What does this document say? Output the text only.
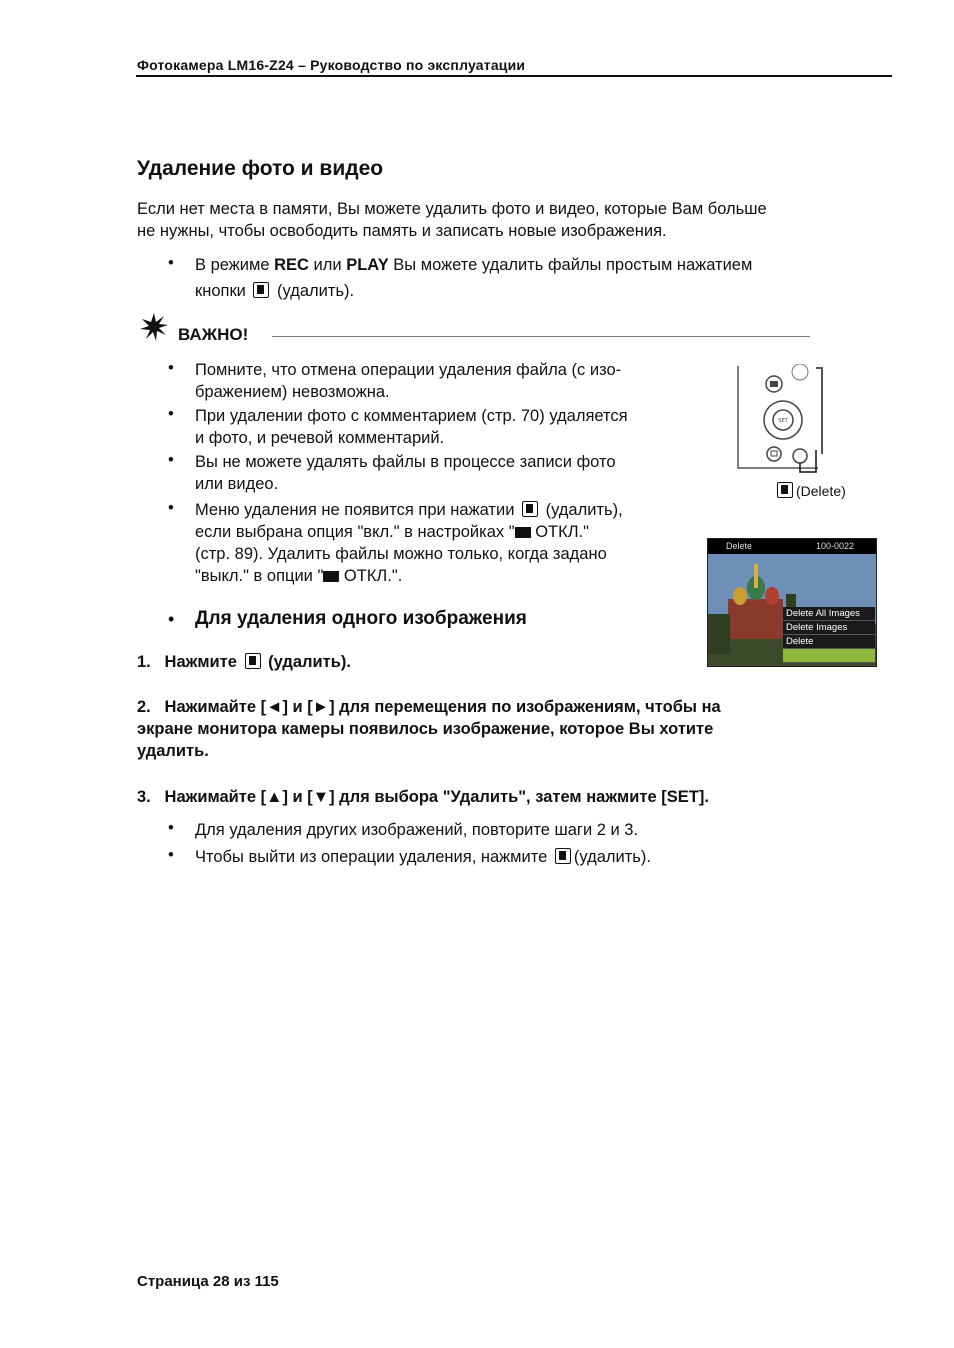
Фотокамера LM16-Z24 – Руководство по эксплуатации
Удаление фото и видео
Если нет места в памяти, Вы можете удалить фото и видео, которые Вам больше
не нужны, чтобы освободить память и записать новые изображения.
• В режиме REC или PLAY Вы можете удалить файлы простым нажатием
кнопки  (удалить).
ВАЖНО!
• Помните, что отмена операции удаления файла (с изо-
бражением) невозможна.
• При удалении фото с комментарием (стр. 70) удаляется
и фото, и речевой комментарий.
• Вы не можете удалять файлы в процессе записи фото
или видео.
• Меню удаления не появится при нажатии  (удалить),
если выбрана опция "вкл." в настройках " ОТКЛ."
(стр. 89). Удалить файлы можно только, когда задано
"выкл." в опции " ОТКЛ.".
SET
(Delete)
Delete	100-0022
Delete All Images
Delete Images
Delete
Cancel
• Для удаления одного изображения
1. Нажмите  (удалить).
2. Нажимайте [◄] и [►] для перемещения по изображениям, чтобы на
экране монитора камеры появилось изображение, которое Вы хотите
удалить.
3. Нажимайте [▲] и [▼] для выбора "Удалить", затем нажмите [SET].
• Для удаления других изображений, повторите шаги 2 и 3.
• Чтобы выйти из операции удаления, нажмите (удалить).
Страница 28 из 115
